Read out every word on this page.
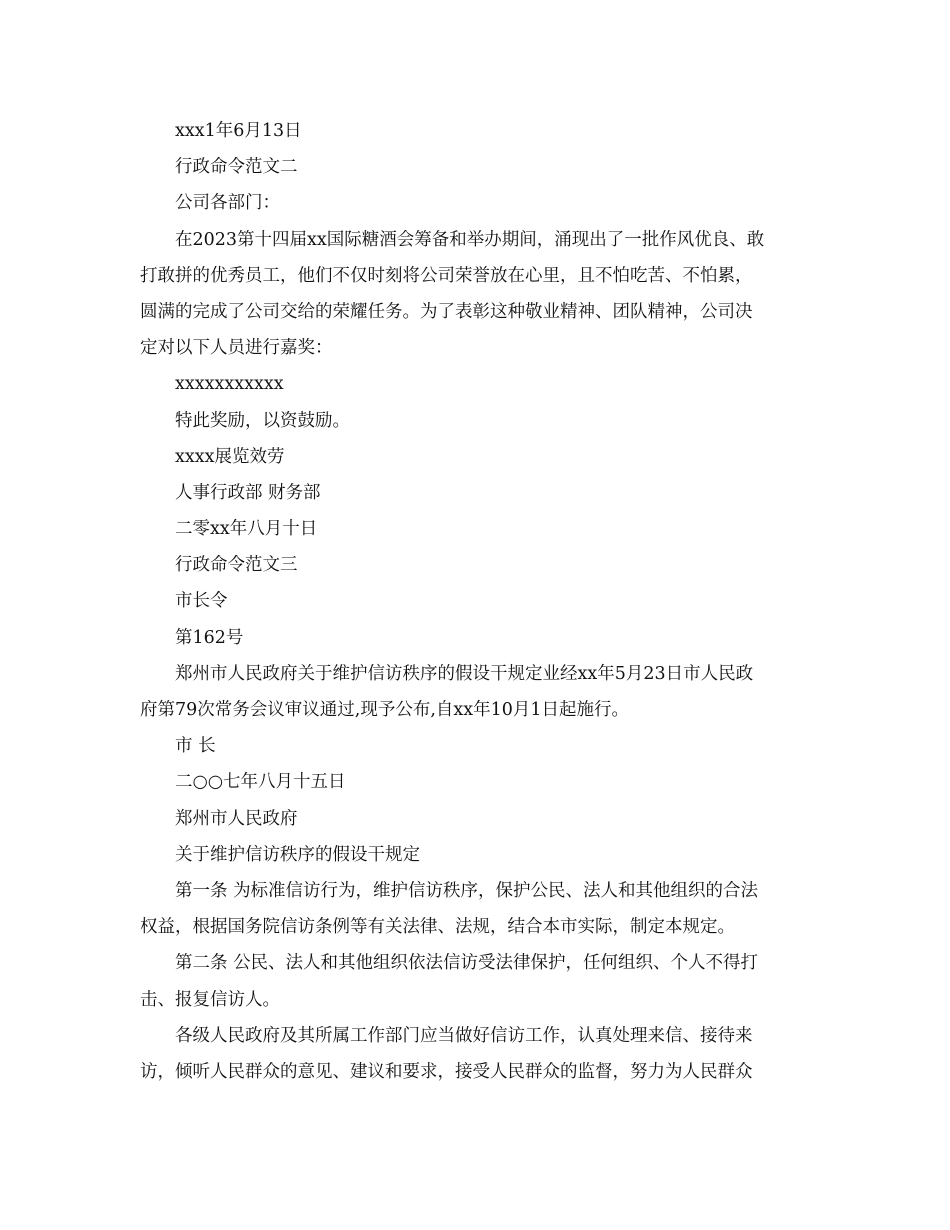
xxx1年6月13日

行政命令范文二

公司各部门：

在2023第十四届xx国际糖酒会筹备和举办期间，涌现出了一批作风优良、敢

打敢拼的优秀员工，他们不仅时刻将公司荣誉放在心里，且不怕吃苦、不怕累，

圆满的完成了公司交给的荣耀任务。为了表彰这种敬业精神、团队精神，公司决

定对以下人员进行嘉奖：

xxxxxxxxxxx

特此奖励，以资鼓励。

xxxx展览效劳

人事行政部 财务部

二零xx年八月十日

行政命令范文三

市长令

第162号

郑州市人民政府关于维护信访秩序的假设干规定业经xx年5月23日市人民政

府第79次常务会议审议通过,现予公布,自xx年10月1日起施行。

市 长

二○○七年八月十五日

郑州市人民政府

关于维护信访秩序的假设干规定

第一条 为标准信访行为，维护信访秩序，保护公民、法人和其他组织的合法

权益，根据国务院信访条例等有关法律、法规，结合本市实际，制定本规定。

第二条 公民、法人和其他组织依法信访受法律保护，任何组织、个人不得打

击、报复信访人。

各级人民政府及其所属工作部门应当做好信访工作，认真处理来信、接待来

访，倾听人民群众的意见、建议和要求，接受人民群众的监督，努力为人民群众
